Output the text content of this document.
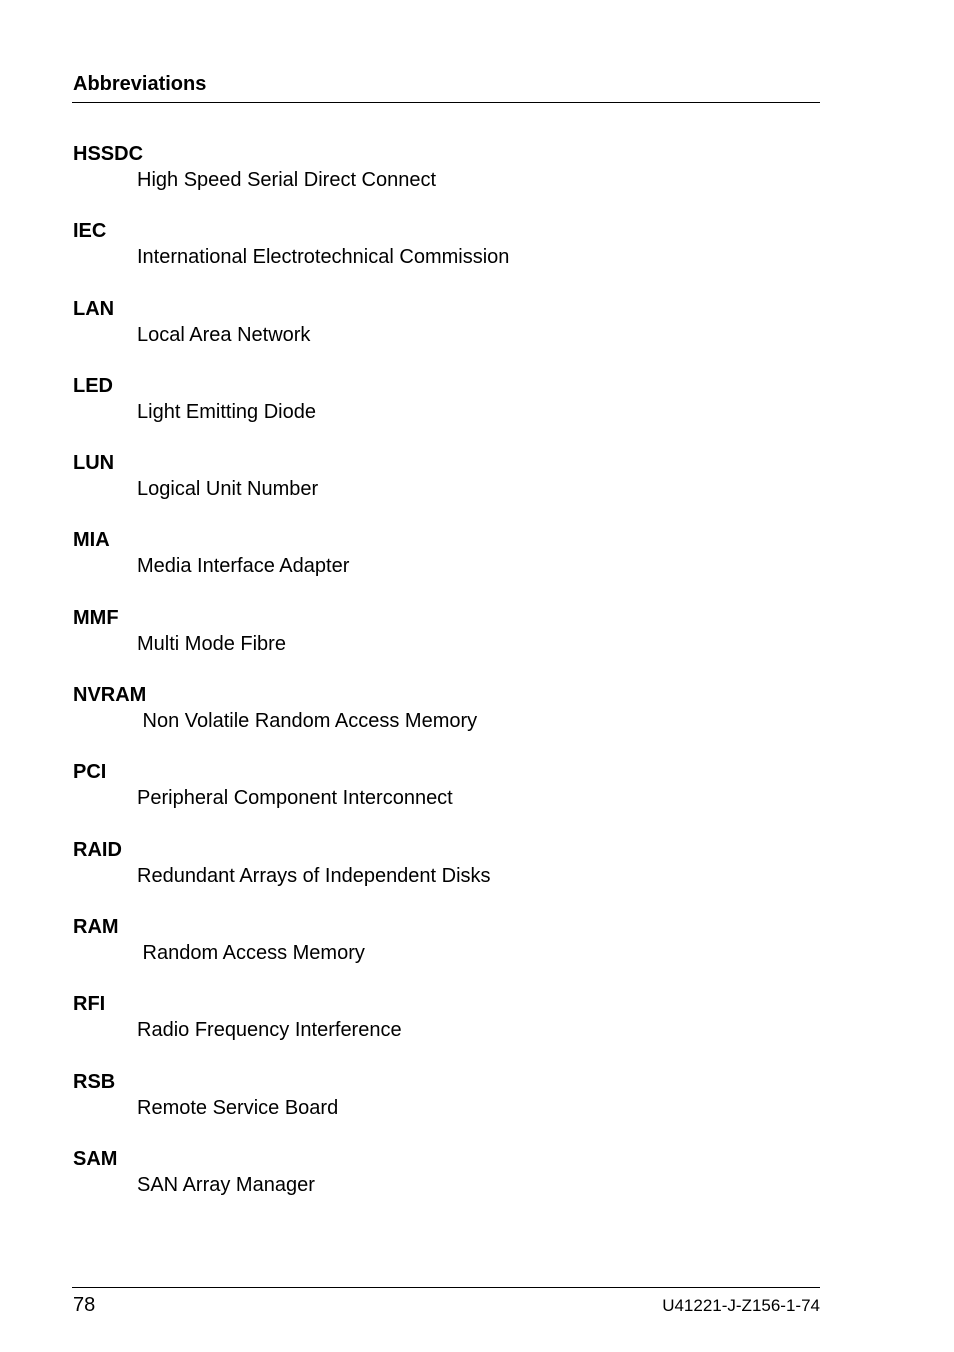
Abbreviations
HSSDC
High Speed Serial Direct Connect
IEC
International Electrotechnical Commission
LAN
Local Area Network
LED
Light Emitting Diode
LUN
Logical Unit Number
MIA
Media Interface Adapter
MMF
Multi Mode Fibre
NVRAM
Non Volatile Random Access Memory
PCI
Peripheral Component Interconnect
RAID
Redundant Arrays of Independent Disks
RAM
Random Access Memory
RFI
Radio Frequency Interference
RSB
Remote Service Board
SAM
SAN Array Manager
78	U41221-J-Z156-1-74
